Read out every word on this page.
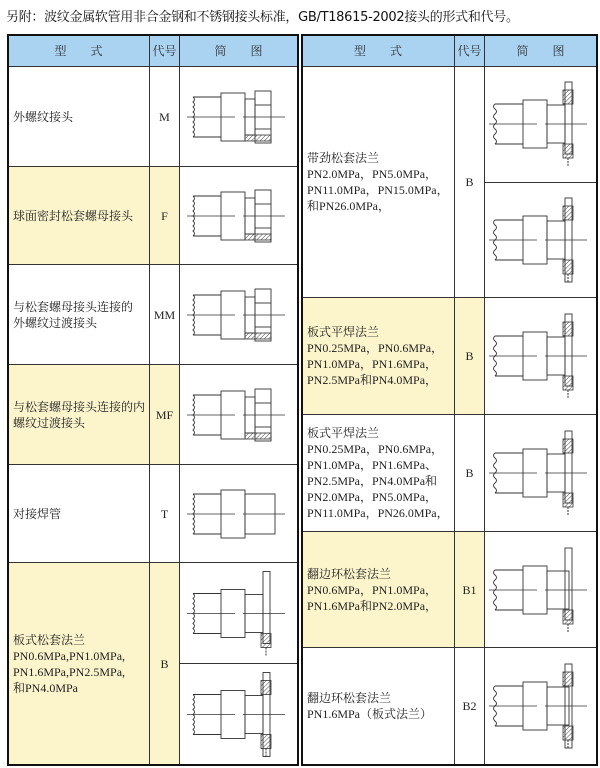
另附：波纹金属软管用非合金钢和不锈钢接头标准，GB/T18615-2002接头的形式和代号。
型　　式	代号	简　　图
外螺纹接头	M
球面密封松套螺母接头 F
与松套螺母接头连接的
外螺纹过渡接头
MM
与松套螺母接头连接的内
螺纹过渡接头
MF
对接焊管	T
板式松套法兰
PN0.6MPa,PN1.0MPa,
PN1.6MPa,PN2.5MPa,
和PN4.0MPa
B
型　　式	代号	简　　图
带劲松套法兰
PN2.0MPa，PN5.0MPa，
PN11.0MPa，PN15.0MPa，
和PN26.0MPa，
B
板式平焊法兰
PN0.25MPa，PN0.6MPa，
PN1.0MPa，PN1.6MPa，
PN2.5MPa和PN4.0MPa，
B
板式平焊法兰
PN0.25MPa，PN0.6MPa，
PN1.0MPa，PN1.6MPa、
PN2.5MPa，PN4.0MPa和
PN2.0MPa，PN5.0MPa，
PN11.0MPa，PN26.0MPa，
B
翻边环松套法兰
PN0.6MPa，PN1.0MPa，
PN1.6MPa和PN2.0MPa，
B1
翻边环松套法兰
PN1.6MPa（板式法兰）
B2
